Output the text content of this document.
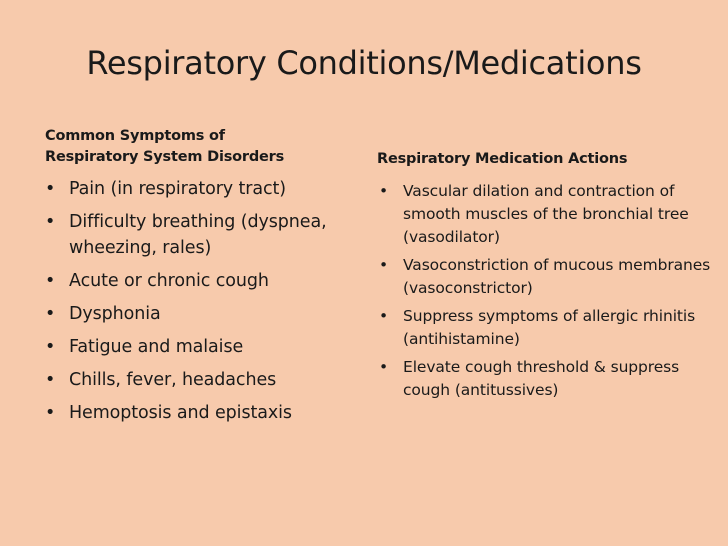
Respiratory Conditions/Medications
Common Symptoms of
Respiratory System Disorders
• Pain (in respiratory tract)
• Difficulty breathing (dyspnea, wheezing, rales)
• Acute or chronic cough
• Dysphonia
• Fatigue and malaise
• Chills, fever, headaches
• Hemoptosis and epistaxis
Respiratory Medication Actions
• Vascular dilation and contraction of smooth muscles of the bronchial tree (vasodilator)
• Vasoconstriction of mucous membranes (vasoconstrictor)
• Suppress symptoms of allergic rhinitis (antihistamine)
• Elevate cough threshold & suppress cough (antitussives)
